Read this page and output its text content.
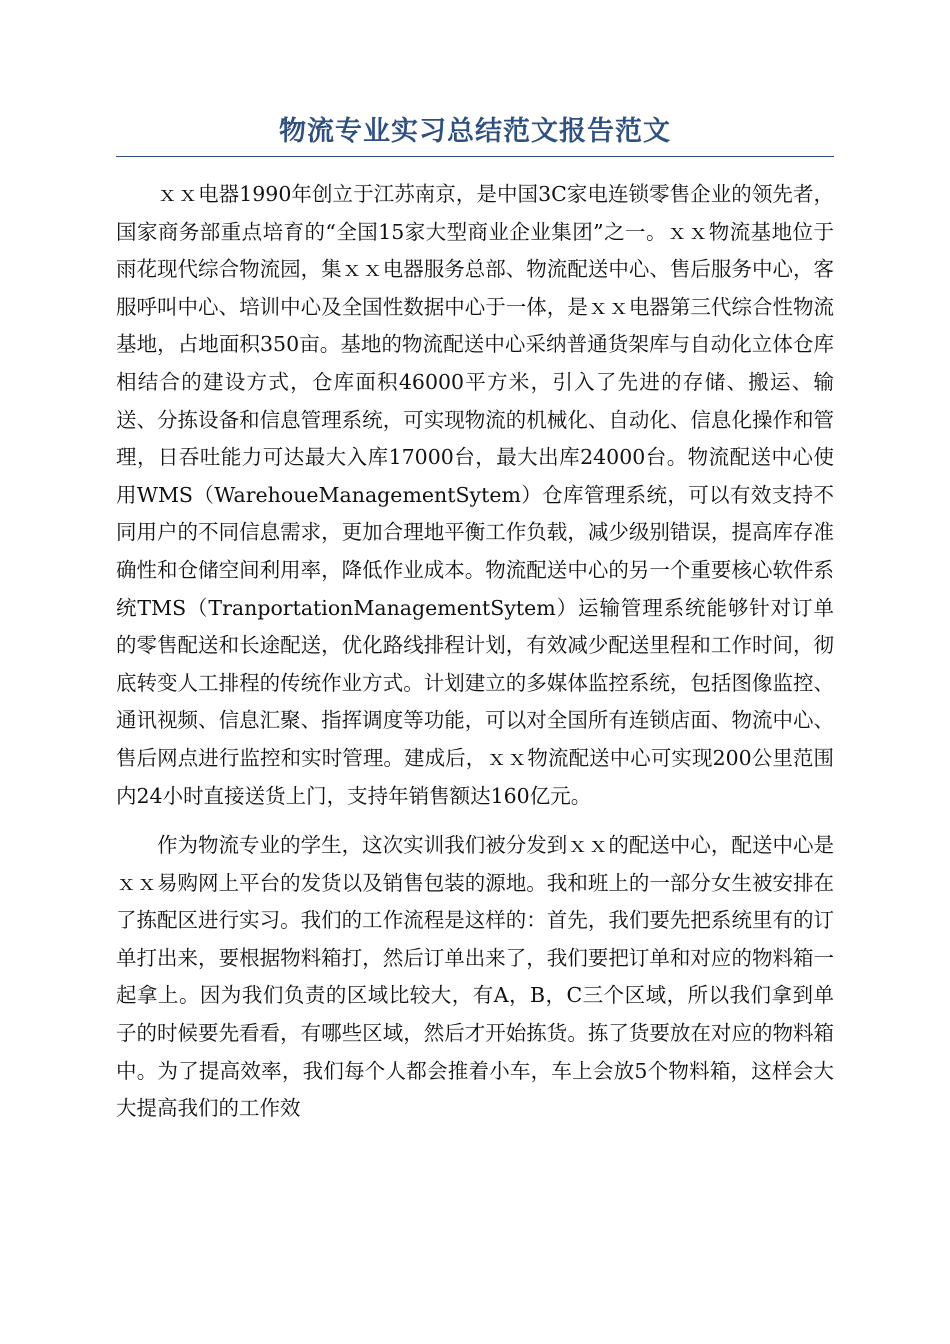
物流专业实习总结范文报告范文

ｘｘ电器1990年创立于江苏南京，是中国3C家电连锁零售企业的领先者，国家商务部重点培育的“全国15家大型商业企业集团”之一。ｘｘ物流基地位于雨花现代综合物流园，集ｘｘ电器服务总部、物流配送中心、售后服务中心，客服呼叫中心、培训中心及全国性数据中心于一体，是ｘｘ电器第三代综合性物流基地，占地面积350亩。基地的物流配送中心采纳普通货架库与自动化立体仓库相结合的建设方式，仓库面积46000平方米，引入了先进的存储、搬运、输送、分拣设备和信息管理系统，可实现物流的机械化、自动化、信息化操作和管理，日吞吐能力可达最大入库17000台，最大出库24000台。物流配送中心使用WMS（WarehoueManagementSytem）仓库管理系统，可以有效支持不同用户的不同信息需求，更加合理地平衡工作负载，减少级别错误，提高库存准确性和仓储空间利用率，降低作业成本。物流配送中心的另一个重要核心软件系统TMS（TranportationManagementSytem）运输管理系统能够针对订单的零售配送和长途配送，优化路线排程计划，有效减少配送里程和工作时间，彻底转变人工排程的传统作业方式。计划建立的多媒体监控系统，包括图像监控、通讯视频、信息汇聚、指挥调度等功能，可以对全国所有连锁店面、物流中心、售后网点进行监控和实时管理。建成后，ｘｘ物流配送中心可实现200公里范围内24小时直接送货上门，支持年销售额达160亿元。

作为物流专业的学生，这次实训我们被分发到ｘｘ的配送中心，配送中心是ｘｘ易购网上平台的发货以及销售包装的源地。我和班上的一部分女生被安排在了拣配区进行实习。我们的工作流程是这样的：首先，我们要先把系统里有的订单打出来，要根据物料箱打，然后订单出来了，我们要把订单和对应的物料箱一起拿上。因为我们负责的区域比较大，有A，B，C三个区域，所以我们拿到单子的时候要先看看，有哪些区域，然后才开始拣货。拣了货要放在对应的物料箱中。为了提高效率，我们每个人都会推着小车，车上会放5个物料箱，这样会大大提高我们的工作效
